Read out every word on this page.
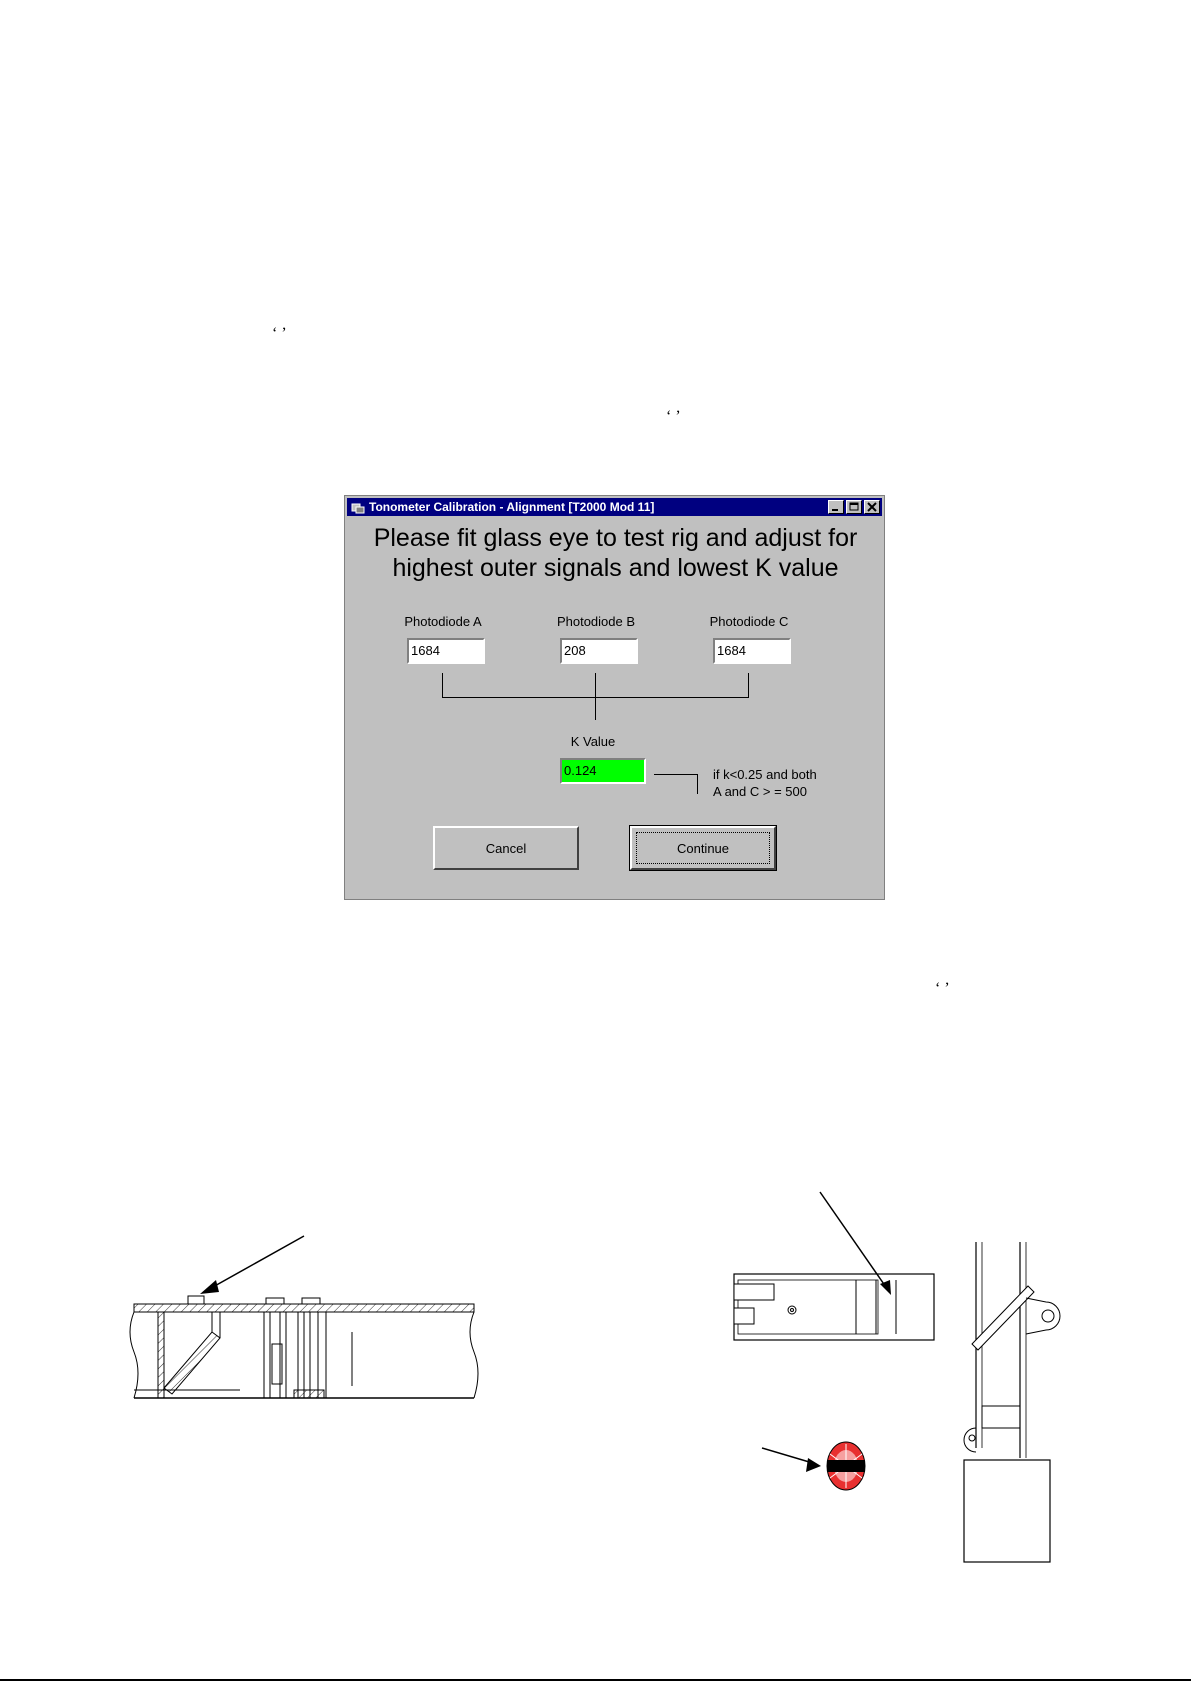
‘ ’
‘ ’
‘ ’
Tonometer Calibration - Alignment [T2000 Mod 11]
Please fit glass eye to test rig and adjust for
highest outer signals and lowest K value
Photodiode A	Photodiode B	Photodiode C
1684	208	1684
K Value
0.124	if k<0.25 and both
A and C > = 500
Cancel	Continue
